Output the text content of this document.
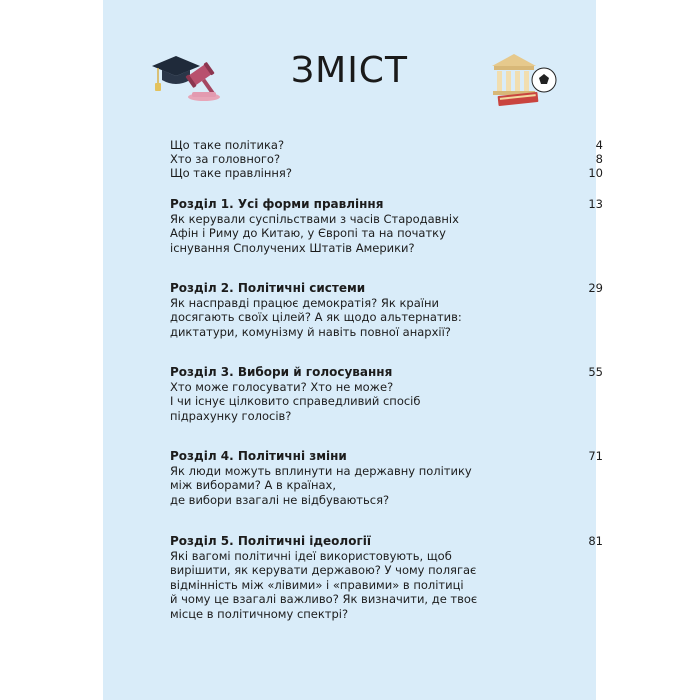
ЗМІСТ
Що таке політика?	4
Хто за головного?	8
Що таке правління?	10
Розділ 1. Усі форми правління	13
Як керували суспільствами з часів Стародавніх
Афін і Риму до Китаю, у Європі та на початку
існування Сполучених Штатів Америки?
Розділ 2. Політичні системи	29
Як насправді працює демократія? Як країни
досягають своїх цілей? А як щодо альтернатив:
диктатури, комунізму й навіть повної анархії?
Розділ 3. Вибори й голосування	55
Хто може голосувати? Хто не може?
І чи існує цілковито справедливий спосіб
підрахунку голосів?
Розділ 4. Політичні зміни	71
Як люди можуть вплинути на державну політику
між виборами? А в країнах,
де вибори взагалі не відбуваються?
Розділ 5. Політичні ідеології	81
Які вагомі політичні ідеї використовують, щоб
вирішити, як керувати державою? У чому полягає
відмінність між «лівими» і «правими» в політиці
й чому це взагалі важливо? Як визначити, де твоє
місце в політичному спектрі?
